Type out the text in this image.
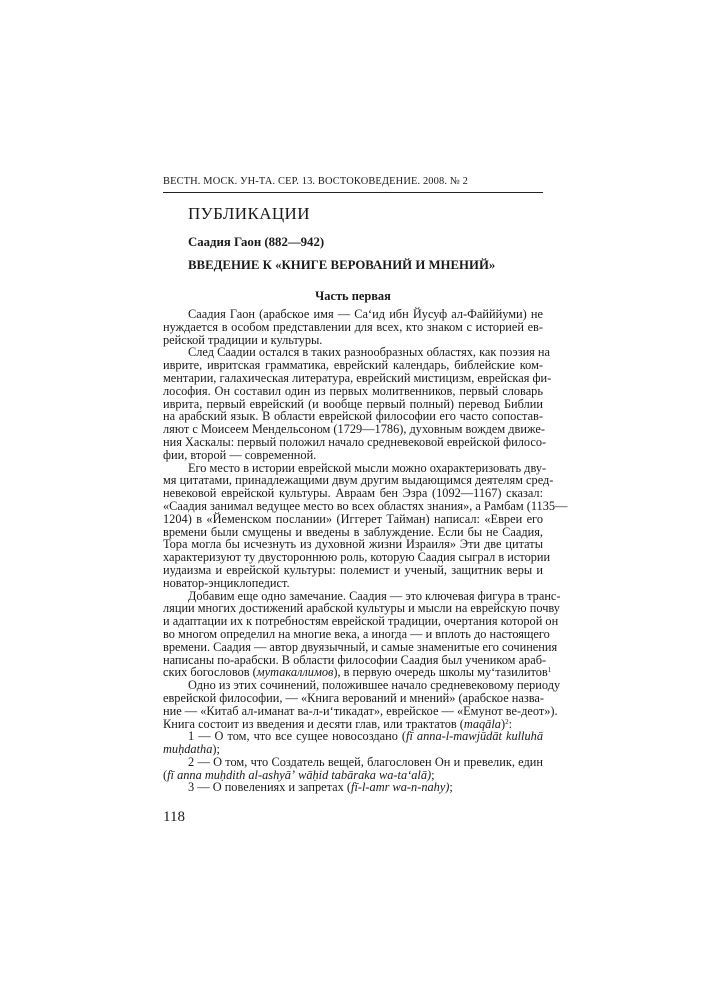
ВЕСТН. МОСК. УН-ТА. СЕР. 13. ВОСТОКОВЕДЕНИЕ. 2008. № 2
ПУБЛИКАЦИИ
Саадия Гаон (882—942)
ВВЕДЕНИЕ К «КНИГЕ ВЕРОВАНИЙ И МНЕНИЙ»
Часть первая
Саадия Гаон (арабское имя — Саʻид ибн Йусуф ал-Файййуми) не
нуждается в особом представлении для всех, кто знаком с историей ев-
рейской традиции и культуры.
След Саадии остался в таких разнообразных областях, как поэзия на
иврите, ивритская грамматика, еврейский календарь, библейские ком-
ментарии, галахическая литература, еврейский мистицизм, еврейская фи-
лософия. Он составил один из первых молитвенников, первый словарь
иврита, первый еврейский (и вообще первый полный) перевод Библии
на арабский язык. В области еврейской философии его часто сопостав-
ляют с Моисеем Мендельсоном (1729—1786), духовным вождем движе-
ния Хаскалы: первый положил начало средневековой еврейской филосо-
фии, второй — современной.
Его место в истории еврейской мысли можно охарактеризовать дву-
мя цитатами, принадлежащими двум другим выдающимся деятелям сред-
невековой еврейской культуры. Авраам бен Эзра (1092—1167) сказал:
«Саадия занимал ведущее место во всех областях знания», а Рамбам (1135—
1204) в «Йеменском послании» (Иггерет Тайман) написал: «Евреи его
времени были смущены и введены в заблуждение. Если бы не Саадия,
Тора могла бы исчезнуть из духовной жизни Израиля» Эти две цитаты
характеризуют ту двустороннюю роль, которую Саадия сыграл в истории
иудаизма и еврейской культуры: полемист и ученый, защитник веры и
новатор-энциклопедист.
Добавим еще одно замечание. Саадия — это ключевая фигура в транс-
ляции многих достижений арабской культуры и мысли на еврейскую почву
и адаптации их к потребностям еврейской традиции, очертания которой он
во многом определил на многие века, а иногда — и вплоть до настоящего
времени. Саадия — автор двуязычный, и самые знаменитые его сочинения
написаны по-арабски. В области философии Саадия был учеником араб-
ских богословов (мутакаллимов), в первую очередь школы муʻтазилитов$^1$
Одно из этих сочинений, положившее начало средневековому периоду
еврейской философии, — «Книга верований и мнений» (арабское назва-
ние — «Китаб ал-иманат ва-л-иʻтикадат», еврейское — «Емунот ве-деот»).
Книга состоит из введения и десяти глав, или трактатов (maqāla)$^2$:
1 — О том, что все сущее новосоздано (fī anna-l-mawjūdāt kulluhā
muḥdatha);
2 — О том, что Создатель вещей, благословен Он и превелик, един
(fī anna muḥdith al-ashyāʼ wāḥid tabāraka wa-taʻalā);
3 — О повелениях и запретах (fī-l-amr wa-n-nahy);
118
